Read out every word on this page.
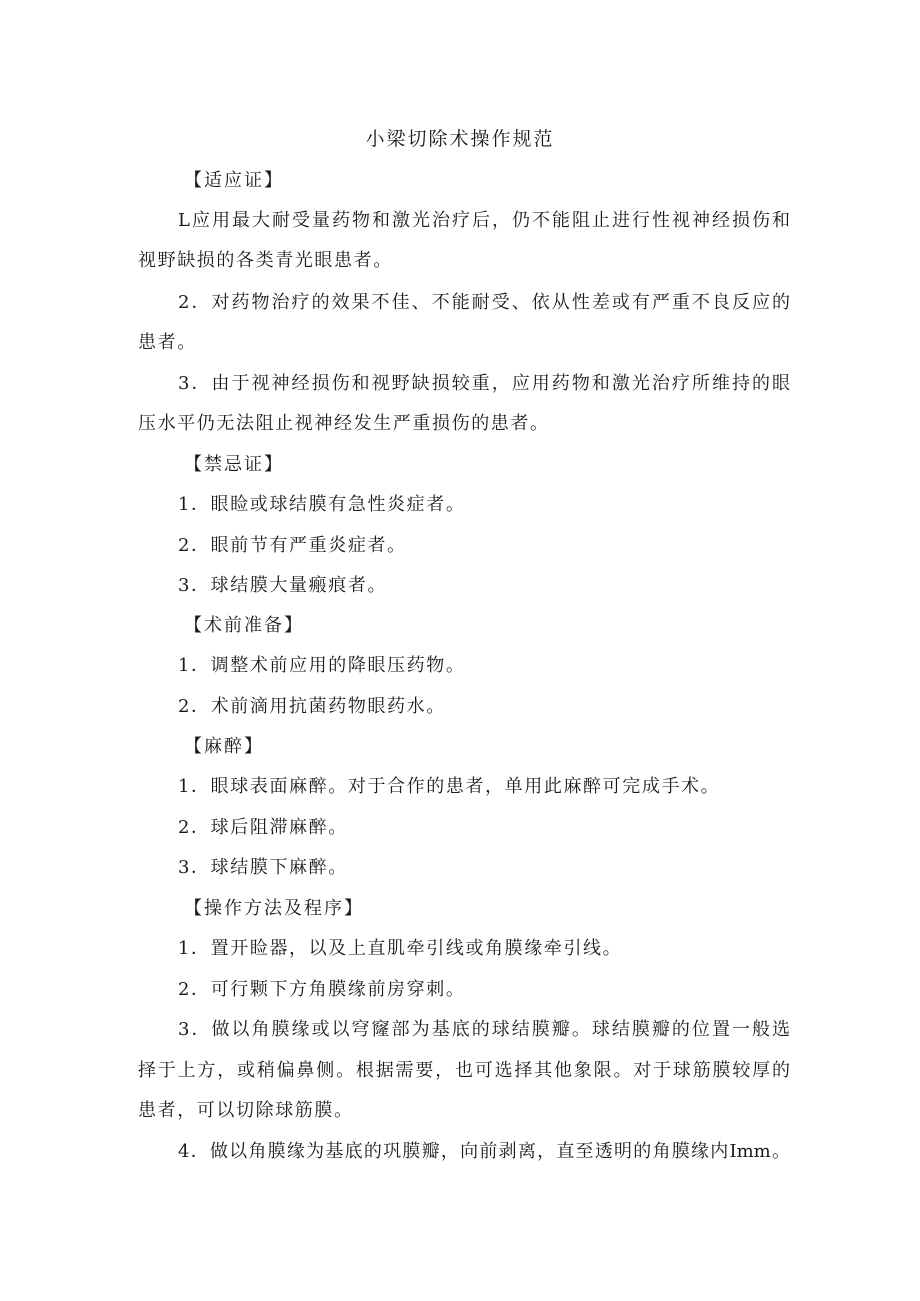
小梁切除术操作规范
【适应证】
L应用最大耐受量药物和激光治疗后，仍不能阻止进行性视神经损伤和
视野缺损的各类青光眼患者。
2．对药物治疗的效果不佳、不能耐受、依从性差或有严重不良反应的
患者。
3．由于视神经损伤和视野缺损较重，应用药物和激光治疗所维持的眼
压水平仍无法阻止视神经发生严重损伤的患者。
【禁忌证】
1．眼睑或球结膜有急性炎症者。
2．眼前节有严重炎症者。
3．球结膜大量瘢痕者。
【术前准备】
1．调整术前应用的降眼压药物。
2．术前滴用抗菌药物眼药水。
【麻醉】
1．眼球表面麻醉。对于合作的患者，单用此麻醉可完成手术。
2．球后阻滞麻醉。
3．球结膜下麻醉。
【操作方法及程序】
1．置开睑器，以及上直肌牵引线或角膜缘牵引线。
2．可行颗下方角膜缘前房穿刺。
3．做以角膜缘或以穹窿部为基底的球结膜瓣。球结膜瓣的位置一般选
择于上方，或稍偏鼻侧。根据需要，也可选择其他象限。对于球筋膜较厚的
患者，可以切除球筋膜。
4．做以角膜缘为基底的巩膜瓣，向前剥离，直至透明的角膜缘内Imm。
